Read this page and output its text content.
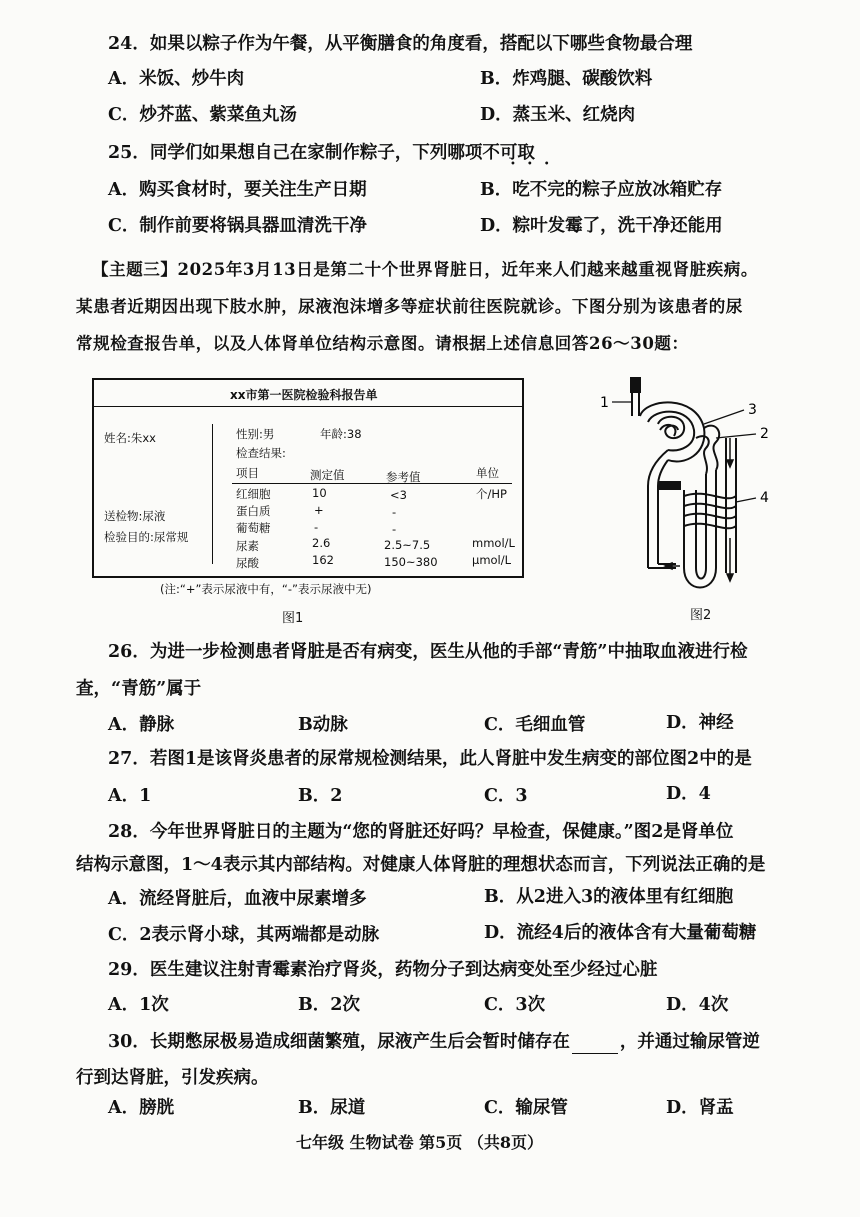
24．如果以粽子作为午餐，从平衡膳食的角度看，搭配以下哪些食物最合理
A．米饭、炒牛肉	B．炸鸡腿、碳酸饮料
C．炒芥蓝、紫菜鱼丸汤	D．蒸玉米、红烧肉
25．同学们如果想自己在家制作粽子，下列哪项不可取
•••
A．购买食材时，要关注生产日期	B．吃不完的粽子应放冰箱贮存
C．制作前要将锅具器皿清洗干净	D．粽叶发霉了，洗干净还能用
【主题三】2025年3月13日是第二十个世界肾脏日，近年来人们越来越重视肾脏疾病。
某患者近期因出现下肢水肿，尿液泡沫增多等症状前往医院就诊。下图分别为该患者的尿
常规检查报告单，以及人体肾单位结构示意图。请根据上述信息回答26～30题：
xx市第一医院检验科报告单
姓名:朱xx
送检物:尿液
检验目的:尿常规
性别:男	年龄:38
检查结果:
项目	测定值	参考值	单位
红细胞	10	<3	个/HP
蛋白质	+	-
葡萄糖	-	-
尿素	2.6	2.5~7.5	mmol/L
尿酸	162	150~380	μmol/L
(注:“+”表示尿液中有，“-”表示尿液中无)
图1
1
2
3
4
图2
26．为进一步检测患者肾脏是否有病变，医生从他的手部“青筋”中抽取血液进行检
查，“青筋”属于
A．静脉	B动脉	C．毛细血管	D．神经
27．若图1是该肾炎患者的尿常规检测结果，此人肾脏中发生病变的部位图2中的是
A．1	B．2	C．3	D．4
28．今年世界肾脏日的主题为“您的肾脏还好吗？早检查，保健康。”图2是肾单位
结构示意图，1～4表示其内部结构。对健康人体肾脏的理想状态而言，下列说法正确的是
A．流经肾脏后，血液中尿素增多	B．从2进入3的液体里有红细胞
C．2表示肾小球，其两端都是动脉	D．流经4后的液体含有大量葡萄糖
29．医生建议注射青霉素治疗肾炎，药物分子到达病变处至少经过心脏
A．1次	B．2次	C．3次	D．4次
30．长期憋尿极易造成细菌繁殖，尿液产生后会暂时储存在	，并通过输尿管逆
行到达肾脏，引发疾病。
A．膀胱	B．尿道	C．输尿管	D．肾盂
七年级 生物试卷 第5页 （共8页）
